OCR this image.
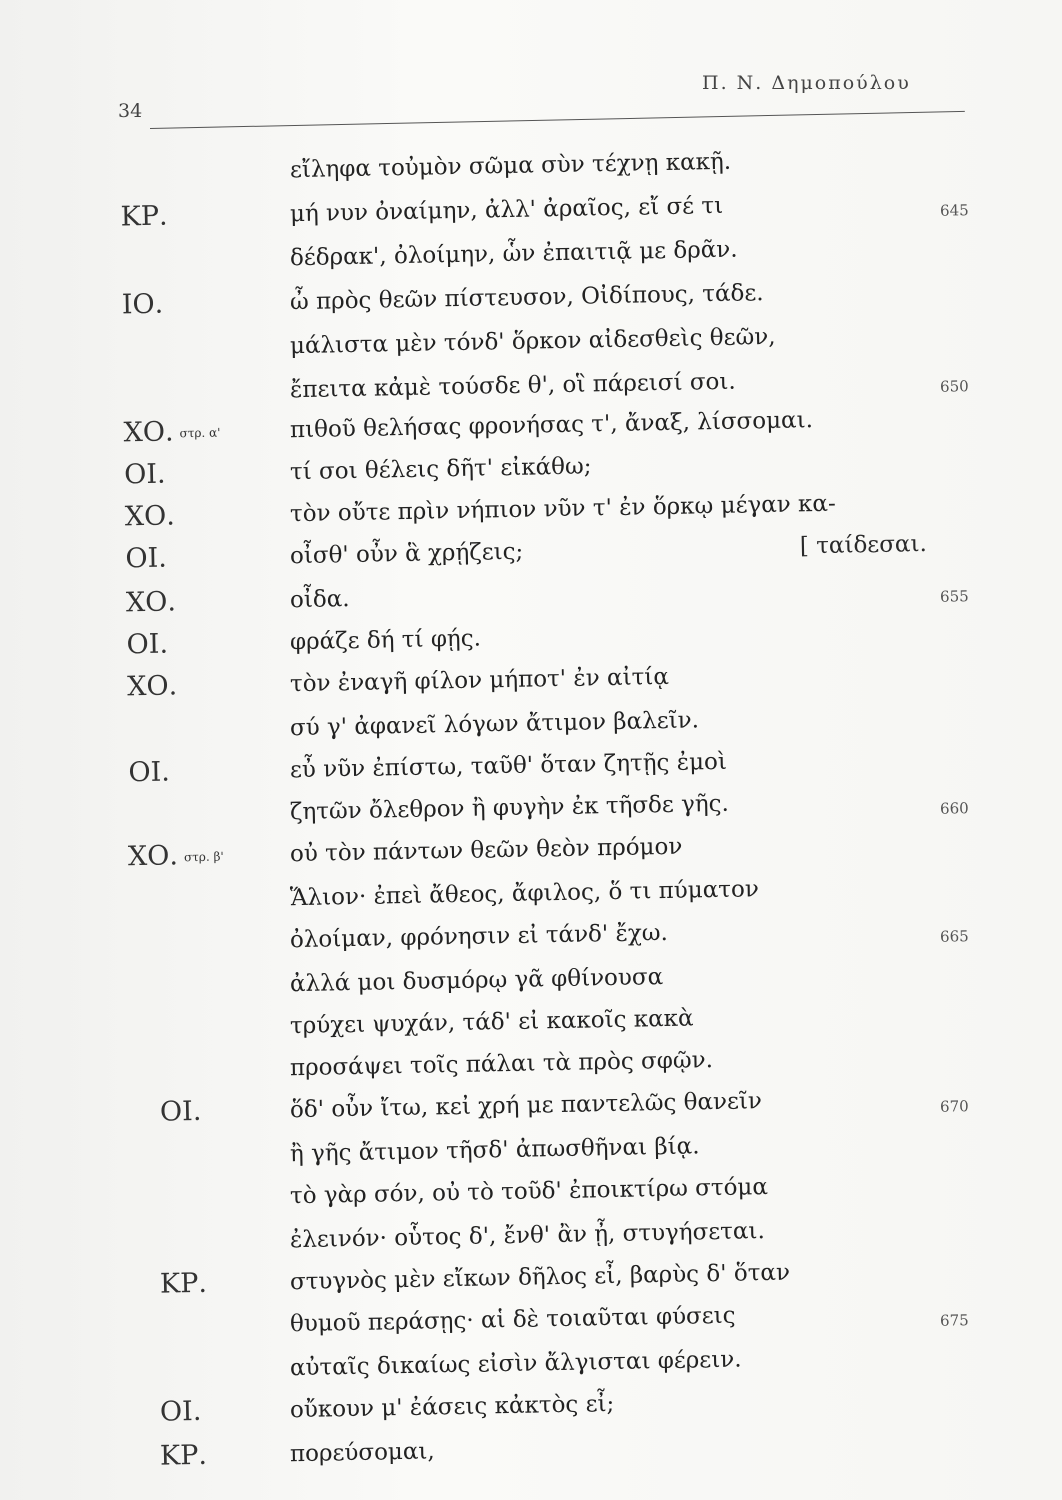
34
Π. Ν. Δημοπούλου
εἴληφα τοὐμὸν σῶμα σὺν τέχνῃ κακῇ.
ΚΡ.	μή νυν ὀναίμην, ἀλλ' ἀραῖος, εἴ σέ τι	645
δέδρακ', ὀλοίμην, ὧν ἐπαιτιᾷ με δρᾶν.
ΙΟ.	ὦ πρὸς θεῶν πίστευσον, Οἰδίπους, τάδε.
μάλιστα μὲν τόνδ' ὅρκον αἰδεσθεὶς θεῶν,
ἔπειτα κἀμὲ τούσδε θ', οἳ πάρεισί σοι.	650
ΧΟ. στρ. α'	πιθοῦ θελήσας φρονήσας τ', ἄναξ, λίσσομαι.
ΟΙ.	τί σοι θέλεις δῆτ' εἰκάθω;
ΧΟ.	τὸν οὔτε πρὶν νήπιον νῦν τ' ἐν ὅρκῳ μέγαν κα-
ΟΙ.	οἶσθ' οὖν ἃ χρῄζεις;	[ ταίδεσαι.
ΧΟ.	οἶδα.	655
ΟΙ.	φράζε δή τί φῄς.
ΧΟ.	τὸν ἐναγῆ φίλον μήποτ' ἐν αἰτίᾳ
σύ γ' ἀφανεῖ λόγων ἄτιμον βαλεῖν.
ΟΙ.	εὖ νῦν ἐπίστω, ταῦθ' ὅταν ζητῇς ἐμοὶ
ζητῶν ὄλεθρον ἢ φυγὴν ἐκ τῆσδε γῆς.	660
ΧΟ. στρ. β'	οὐ τὸν πάντων θεῶν θεὸν πρόμον
Ἅλιον· ἐπεὶ ἄθεος, ἄφιλος, ὅ τι πύματον
ὀλοίμαν, φρόνησιν εἰ τάνδ' ἔχω.	665
ἀλλά μοι δυσμόρῳ γᾶ φθίνουσα
τρύχει ψυχάν, τάδ' εἰ κακοῖς κακὰ
προσάψει τοῖς πάλαι τὰ πρὸς σφῷν.
ΟΙ.	ὅδ' οὖν ἴτω, κεἰ χρή με παντελῶς θανεῖν	670
ἢ γῆς ἄτιμον τῆσδ' ἀπωσθῆναι βίᾳ.
τὸ γὰρ σόν, οὐ τὸ τοῦδ' ἐποικτίρω στόμα
ἐλεινόν· οὗτος δ', ἔνθ' ἂν ᾖ, στυγήσεται.
ΚΡ.	στυγνὸς μὲν εἴκων δῆλος εἶ, βαρὺς δ' ὅταν
θυμοῦ περάσῃς· αἱ δὲ τοιαῦται φύσεις	675
αὐταῖς δικαίως εἰσὶν ἄλγισται φέρειν.
ΟΙ.	οὔκουν μ' ἐάσεις κἀκτὸς εἶ;
ΚΡ.	πορεύσομαι,
